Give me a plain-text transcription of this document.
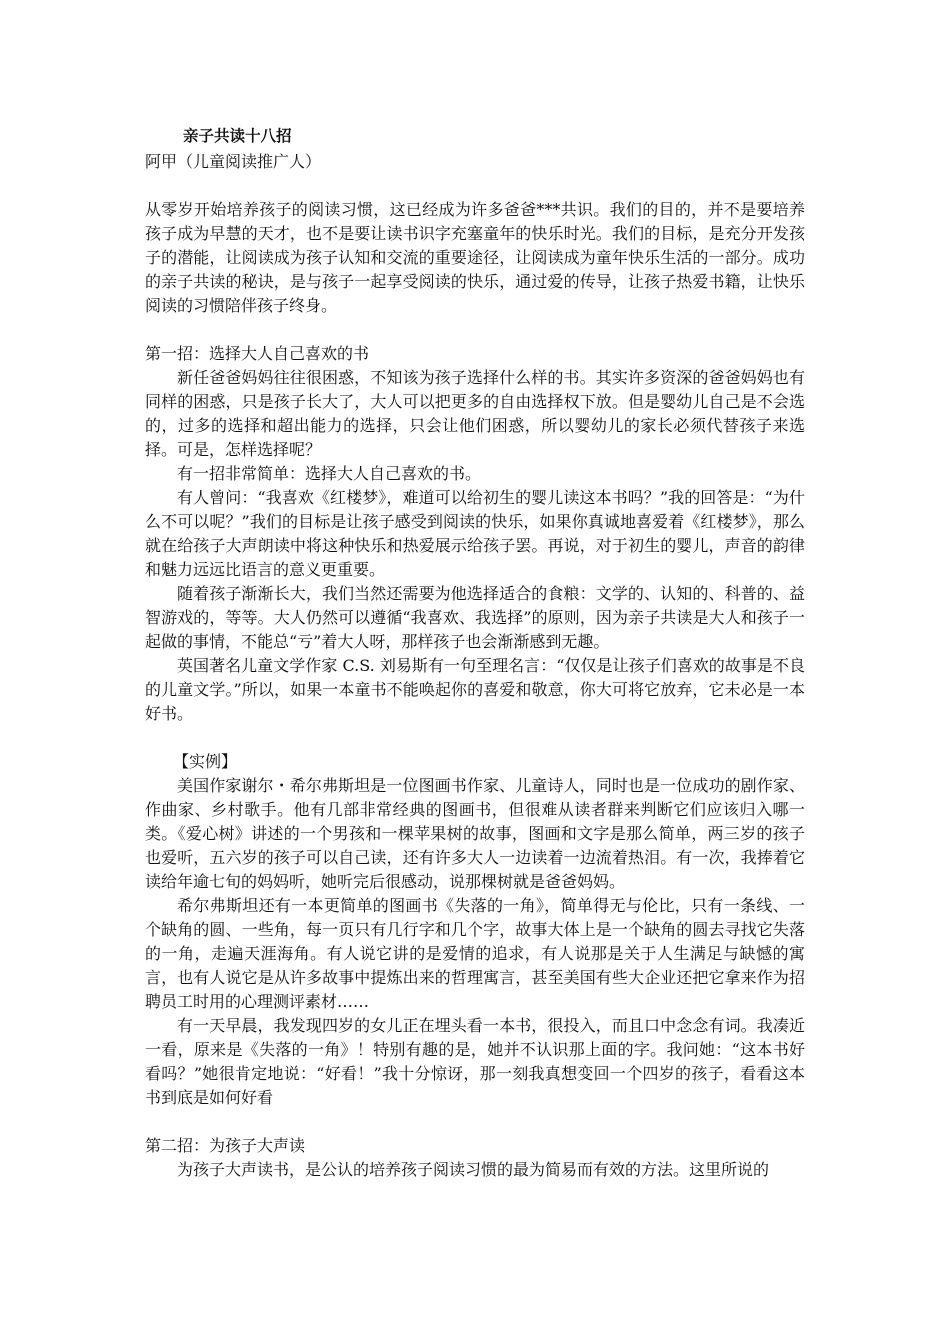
亲子共读十八招
阿甲（儿童阅读推广人）

从零岁开始培养孩子的阅读习惯，这已经成为许多爸爸***共识。我们的目的，并不是要培养孩子成为早慧的天才，也不是要让读书识字充塞童年的快乐时光。我们的目标，是充分开发孩子的潜能，让阅读成为孩子认知和交流的重要途径，让阅读成为童年快乐生活的一部分。成功的亲子共读的秘诀，是与孩子一起享受阅读的快乐，通过爱的传导，让孩子热爱书籍，让快乐阅读的习惯陪伴孩子终身。

第一招：选择大人自己喜欢的书

新任爸爸妈妈往往很困惑，不知该为孩子选择什么样的书。其实许多资深的爸爸妈妈也有同样的困惑，只是孩子长大了，大人可以把更多的自由选择权下放。但是婴幼儿自己是不会选的，过多的选择和超出能力的选择，只会让他们困惑，所以婴幼儿的家长必须代替孩子来选择。可是，怎样选择呢？

有一招非常简单：选择大人自己喜欢的书。

有人曾问：“我喜欢《红楼梦》，难道可以给初生的婴儿读这本书吗？”我的回答是：“为什么不可以呢？”我们的目标是让孩子感受到阅读的快乐，如果你真诚地喜爱着《红楼梦》，那么就在给孩子大声朗读中将这种快乐和热爱展示给孩子罢。再说，对于初生的婴儿，声音的韵律和魅力远远比语言的意义更重要。

随着孩子渐渐长大，我们当然还需要为他选择适合的食粮：文学的、认知的、科普的、益智游戏的，等等。大人仍然可以遵循“我喜欢、我选择”的原则，因为亲子共读是大人和孩子一起做的事情，不能总“亏”着大人呀，那样孩子也会渐渐感到无趣。

英国著名儿童文学作家 C.S. 刘易斯有一句至理名言：“仅仅是让孩子们喜欢的故事是不良的儿童文学。”所以，如果一本童书不能唤起你的喜爱和敬意，你大可将它放弃，它未必是一本好书。

【实例】

美国作家谢尔・希尔弗斯坦是一位图画书作家、儿童诗人，同时也是一位成功的剧作家、作曲家、乡村歌手。他有几部非常经典的图画书，但很难从读者群来判断它们应该归入哪一类。《爱心树》讲述的一个男孩和一棵苹果树的故事，图画和文字是那么简单，两三岁的孩子也爱听，五六岁的孩子可以自己读，还有许多大人一边读着一边流着热泪。有一次，我捧着它读给年逾七旬的妈妈听，她听完后很感动，说那棵树就是爸爸妈妈。

希尔弗斯坦还有一本更简单的图画书《失落的一角》，简单得无与伦比，只有一条线、一个缺角的圆、一些角，每一页只有几行字和几个字，故事大体上是一个缺角的圆去寻找它失落的一角，走遍天涯海角。有人说它讲的是爱情的追求，有人说那是关于人生满足与缺憾的寓言，也有人说它是从许多故事中提炼出来的哲理寓言，甚至美国有些大企业还把它拿来作为招聘员工时用的心理测评素材……

有一天早晨，我发现四岁的女儿正在埋头看一本书，很投入，而且口中念念有词。我凑近一看，原来是《失落的一角》！特别有趣的是，她并不认识那上面的字。我问她：“这本书好看吗？”她很肯定地说：“好看！”我十分惊讶，那一刻我真想变回一个四岁的孩子，看看这本书到底是如何好看

第二招：为孩子大声读

为孩子大声读书，是公认的培养孩子阅读习惯的最为简易而有效的方法。这里所说的
